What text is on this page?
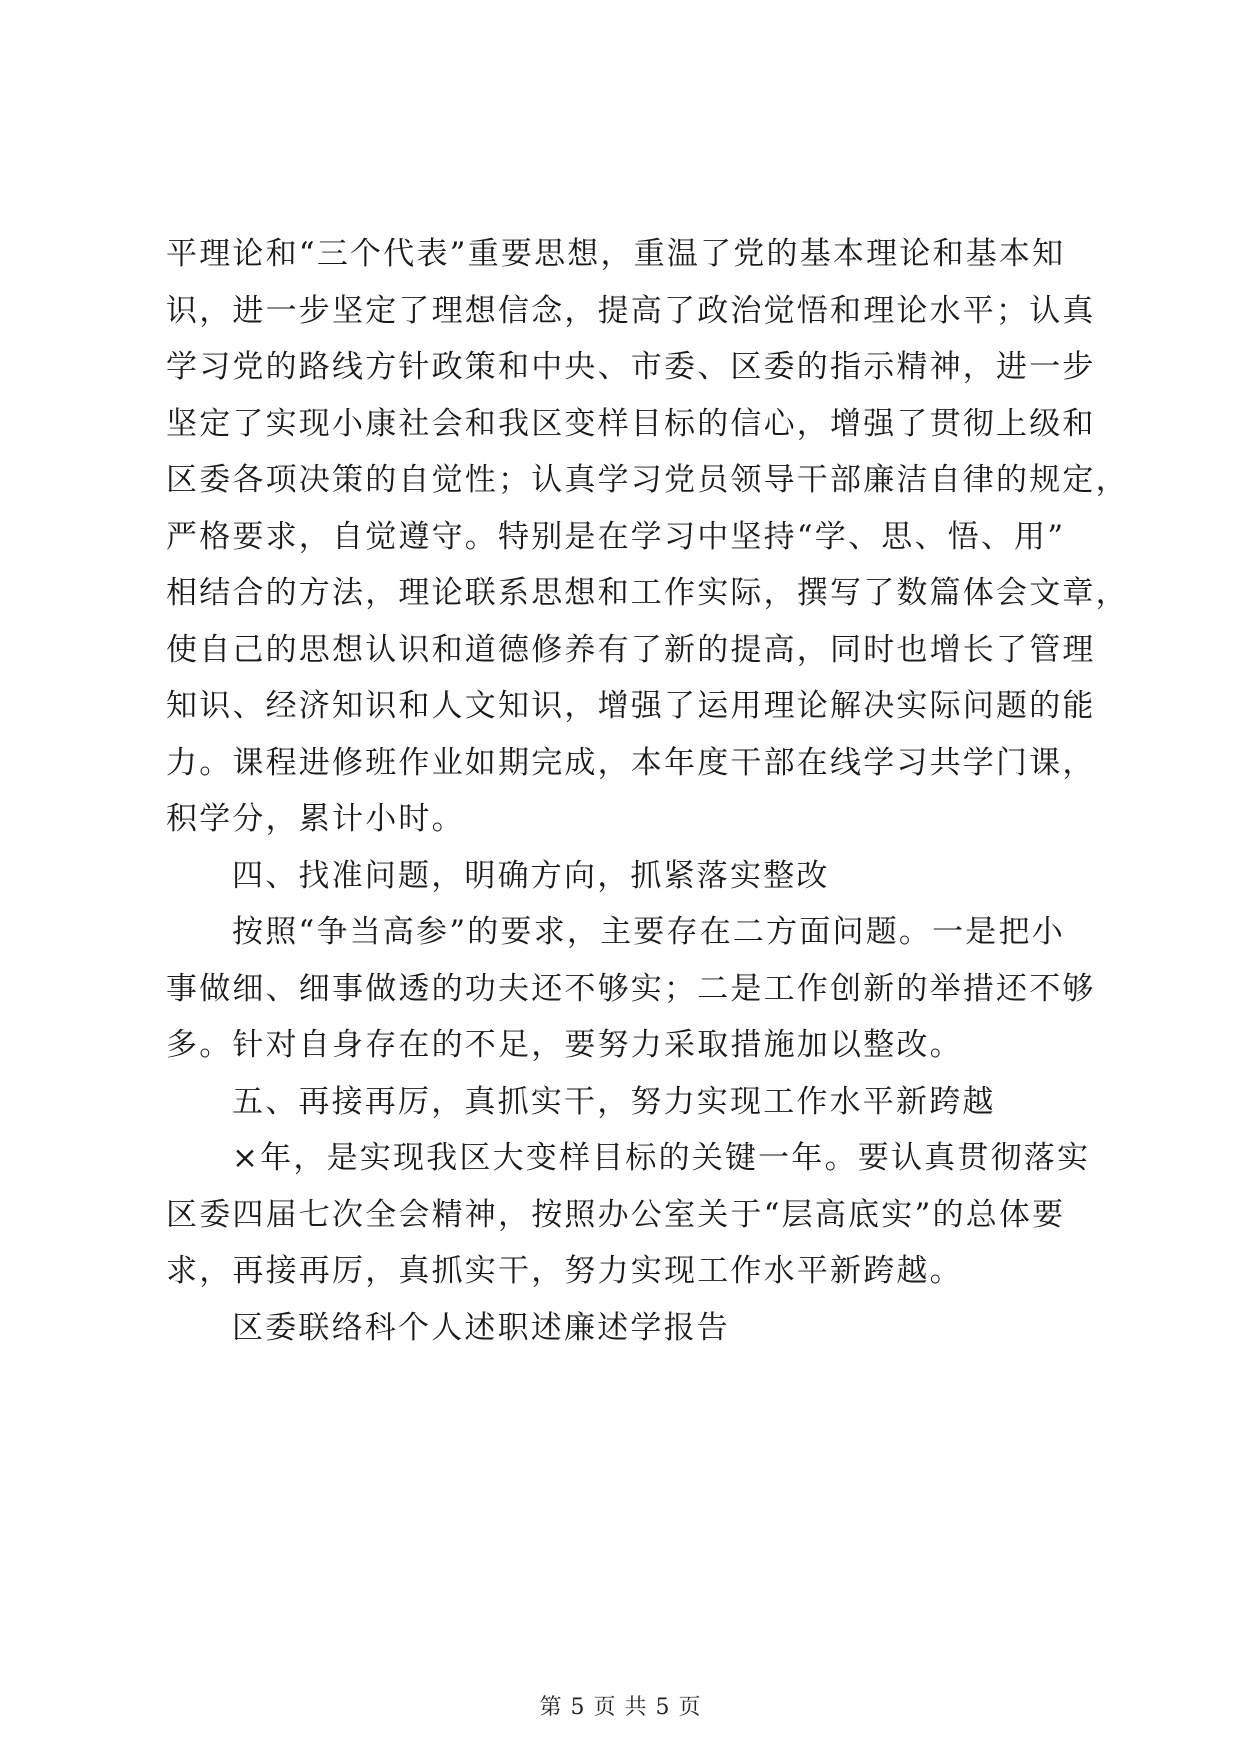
平理论和“三个代表”重要思想，重温了党的基本理论和基本知
识，进一步坚定了理想信念，提高了政治觉悟和理论水平；认真
学习党的路线方针政策和中央、市委、区委的指示精神，进一步
坚定了实现小康社会和我区变样目标的信心，增强了贯彻上级和
区委各项决策的自觉性；认真学习党员领导干部廉洁自律的规定，
严格要求，自觉遵守。特别是在学习中坚持“学、思、悟、用”
相结合的方法，理论联系思想和工作实际，撰写了数篇体会文章，
使自己的思想认识和道德修养有了新的提高，同时也增长了管理
知识、经济知识和人文知识，增强了运用理论解决实际问题的能
力。课程进修班作业如期完成，本年度干部在线学习共学门课，
积学分，累计小时。
四、找准问题，明确方向，抓紧落实整改
按照“争当高参”的要求，主要存在二方面问题。一是把小
事做细、细事做透的功夫还不够实；二是工作创新的举措还不够
多。针对自身存在的不足，要努力采取措施加以整改。
五、再接再厉，真抓实干，努力实现工作水平新跨越
×年，是实现我区大变样目标的关键一年。要认真贯彻落实
区委四届七次全会精神，按照办公室关于“层高底实”的总体要
求，再接再厉，真抓实干，努力实现工作水平新跨越。
区委联络科个人述职述廉述学报告
第 5 页 共 5 页
